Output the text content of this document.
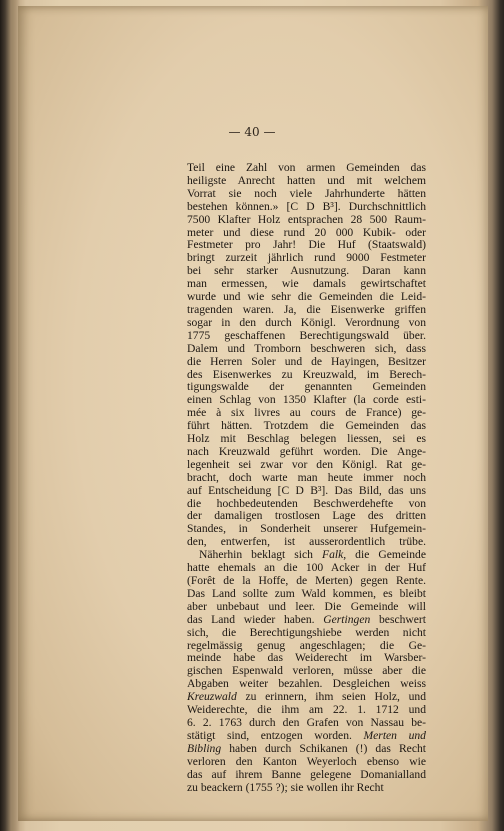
— 40 —

Teil eine Zahl von armen Gemeinden das
heiligste Anrecht hatten und mit welchem
Vorrat sie noch viele Jahrhunderte hätten
bestehen können.» [C D B³]. Durchschnittlich
7500 Klafter Holz entsprachen 28 500 Raum-
meter und diese rund 20 000 Kubik- oder
Festmeter pro Jahr! Die Huf (Staatswald)
bringt zurzeit jährlich rund 9000 Festmeter
bei sehr starker Ausnutzung. Daran kann
man ermessen, wie damals gewirtschaftet
wurde und wie sehr die Gemeinden die Leid-
tragenden waren. Ja, die Eisenwerke griffen
sogar in den durch Königl. Verordnung von
1775 geschaffenen Berechtigungswald über.
Dalem und Tromborn beschweren sich, dass
die Herren Soler und de Hayingen, Besitzer
des Eisenwerkes zu Kreuzwald, im Berech-
tigungswalde der genannten Gemeinden
einen Schlag von 1350 Klafter (la corde esti-
mée à six livres au cours de France) ge-
führt hätten. Trotzdem die Gemeinden das
Holz mit Beschlag belegen liessen, sei es
nach Kreuzwald geführt worden. Die Ange-
legenheit sei zwar vor den Königl. Rat ge-
bracht, doch warte man heute immer noch
auf Entscheidung [C D B³]. Das Bild, das uns
die hochbedeutenden Beschwerdehefte von
der damaligen trostlosen Lage des dritten
Standes, in Sonderheit unserer Hufgemein-
den, entwerfen, ist ausserordentlich trübe.
Näherhin beklagt sich Falk, die Gemeinde
hatte ehemals an die 100 Acker in der Huf
(Forêt de la Hoffe, de Merten) gegen Rente.
Das Land sollte zum Wald kommen, es bleibt
aber unbebaut und leer. Die Gemeinde will
das Land wieder haben. Gertingen beschwert
sich, die Berechtigungshiebe werden nicht
regelmässig genug angeschlagen; die Ge-
meinde habe das Weiderecht im Warsber-
gischen Espenwald verloren, müsse aber die
Abgaben weiter bezahlen. Desgleichen weiss
Kreuzwald zu erinnern, ihm seien Holz, und
Weiderechte, die ihm am 22. 1. 1712 und
6. 2. 1763 durch den Grafen von Nassau be-
stätigt sind, entzogen worden. Merten und
Bibling haben durch Schikanen (!) das Recht
verloren den Kanton Weyerloch ebenso wie
das auf ihrem Banne gelegene Domanialland
zu beackern (1755 ?); sie wollen ihr Recht
